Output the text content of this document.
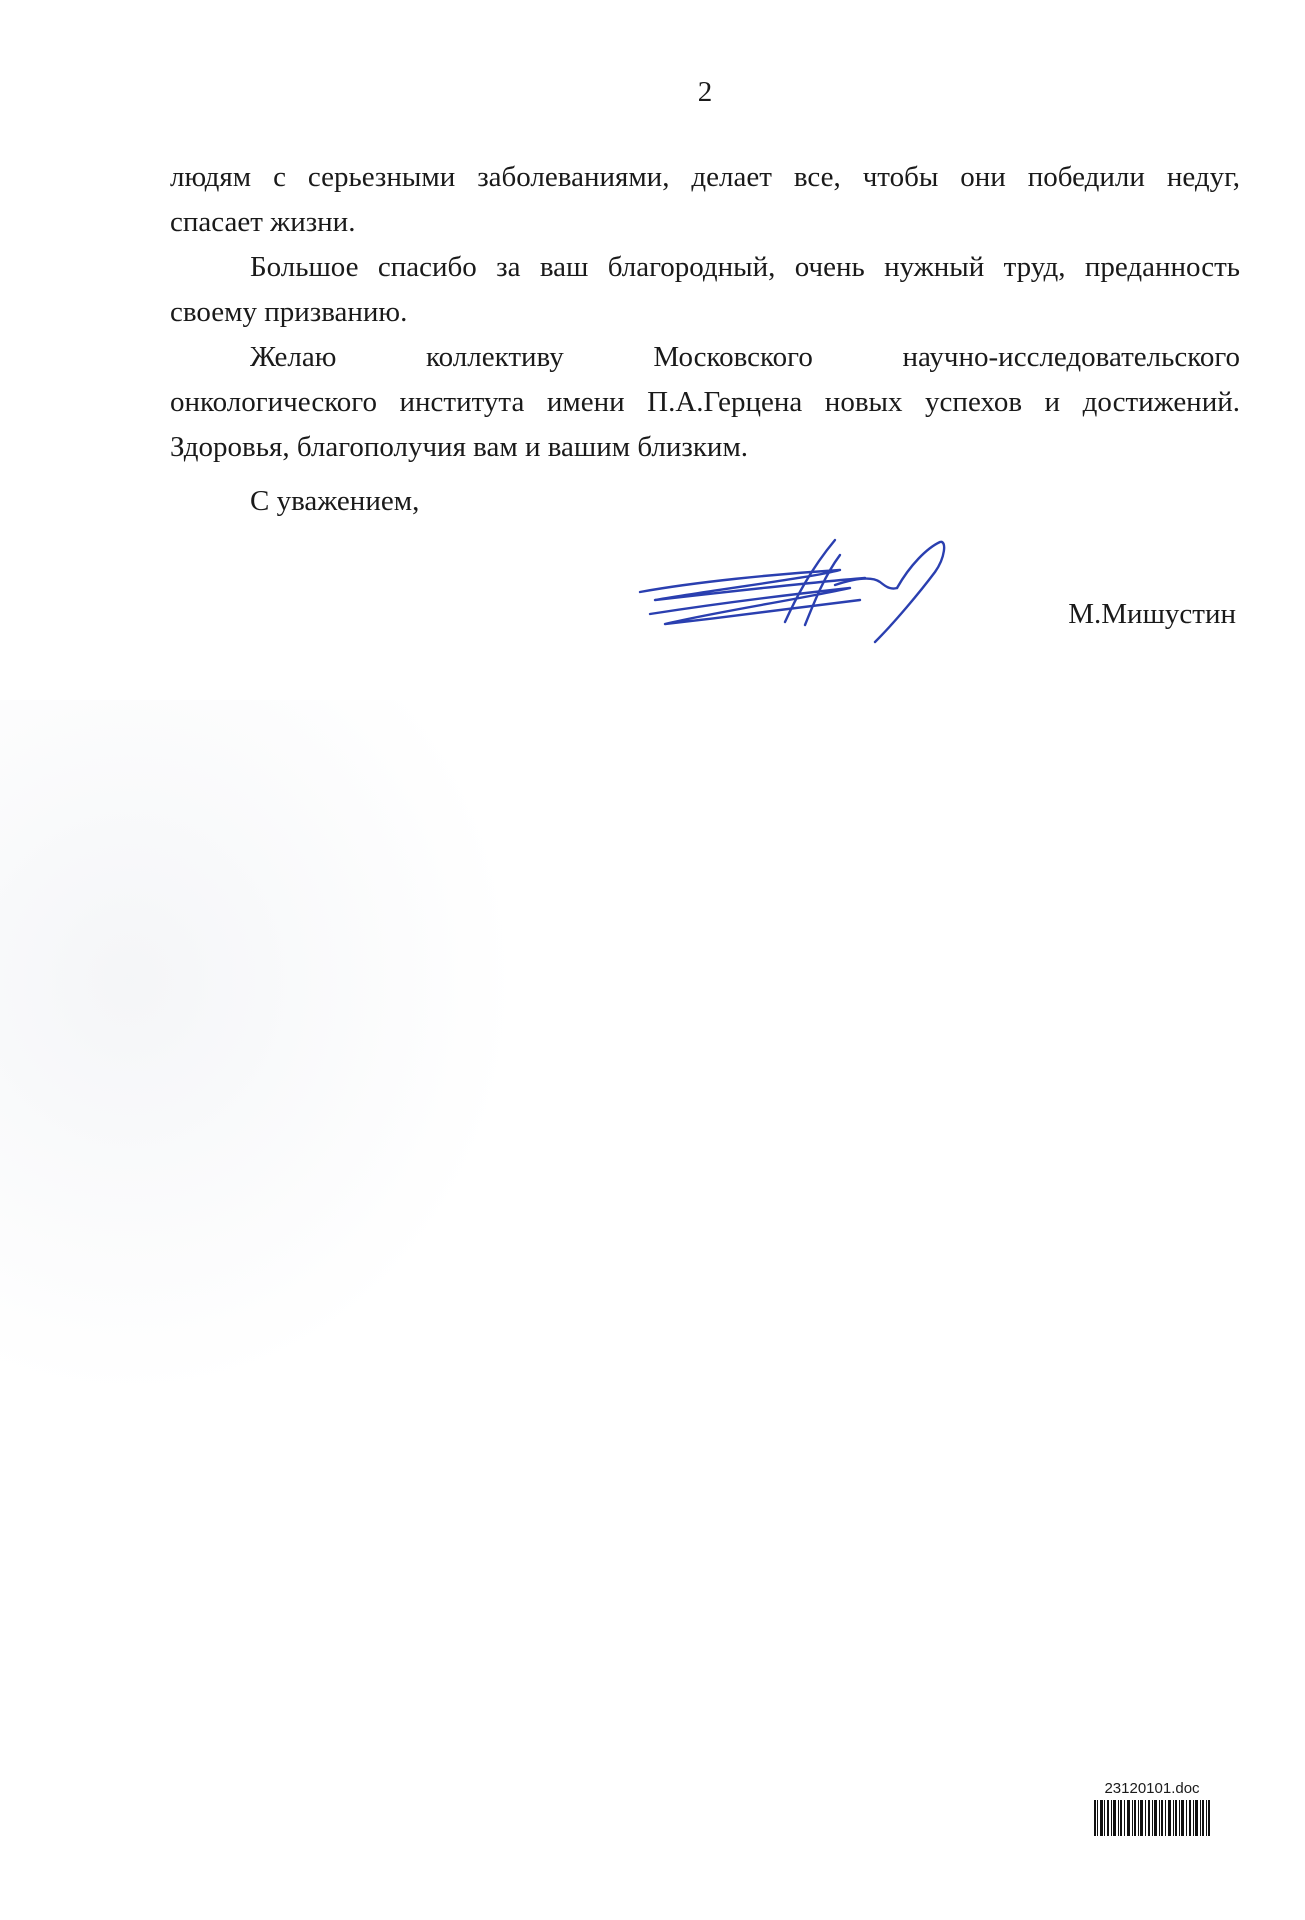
2

людям с серьезными заболеваниями, делает все, чтобы они победили недуг,
спасает жизни.

Большое спасибо за ваш благородный, очень нужный труд, преданность

своему призванию.

Желаю коллективу Московского научно-исследовательского

онкологического института имени П.А.Герцена новых успехов и достижений.
Здоровья, благополучия вам и вашим близким.

С уважением,
М.Мишустин
23120101.doc
